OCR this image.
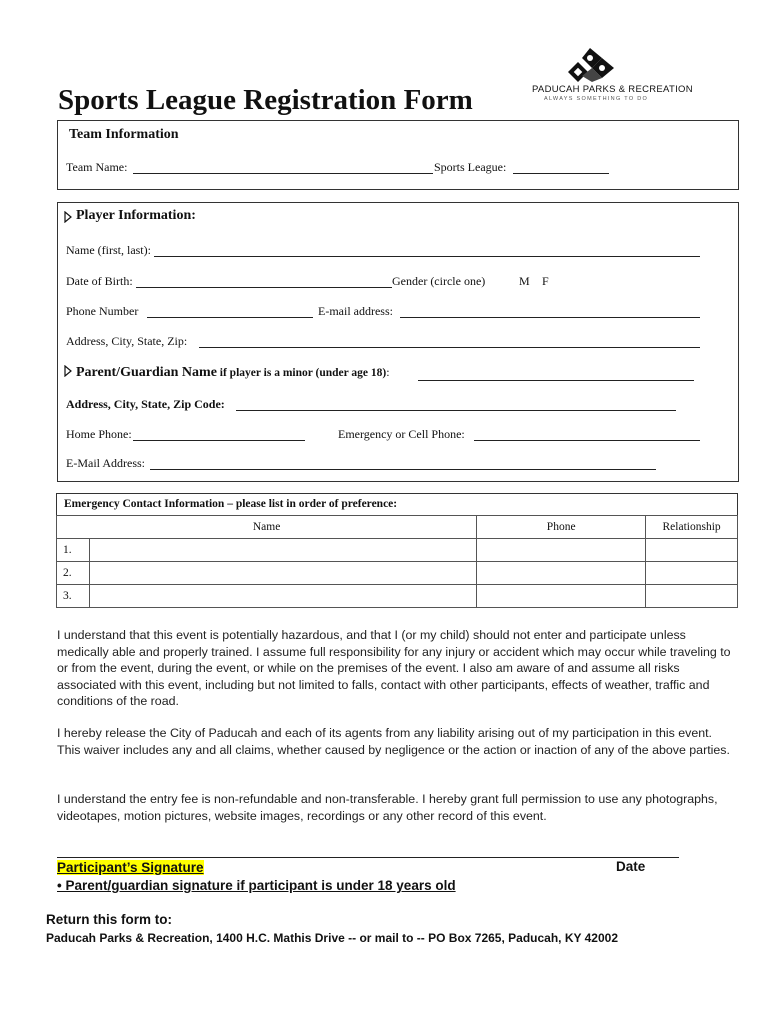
Sports League Registration Form	PADUCAH PARKS & RECREATION
ALWAYS SOMETHING TO DO
Team Information
Team Name:	Sports League:
Player Information:
Name (first, last):
Date of Birth:	Gender (circle one)	M F
Phone Number	E-mail address:
Address, City, State, Zip:
Parent/Guardian Name if player is a minor (under age 18):
Address, City, State, Zip Code:
Home Phone:	Emergency or Cell Phone:
E-Mail Address:
Emergency Contact Information – please list in order of preference:
Name		Phone	Relationship
1.			
2.			
3.			
I understand that this event is potentially hazardous, and that I (or my child) should not enter and participate unless medically able and properly trained. I assume full responsibility for any injury or accident which may occur while traveling to or from the event, during the event, or while on the premises of the event. I also am aware of and assume all risks associated with this event, including but not limited to falls, contact with other participants, effects of weather, traffic and conditions of the road.
I hereby release the City of Paducah and each of its agents from any liability arising out of my participation in this event. This waiver includes any and all claims, whether caused by negligence or the action or inaction of any of the above parties.
I understand the entry fee is non-refundable and non-transferable. I hereby grant full permission to use any photographs, videotapes, motion pictures, website images, recordings or any other record of this event.
Participant’s Signature	Date
• Parent/guardian signature if participant is under 18 years old
Return this form to:
Paducah Parks & Recreation, 1400 H.C. Mathis Drive -- or mail to -- PO Box 7265, Paducah, KY 42002
